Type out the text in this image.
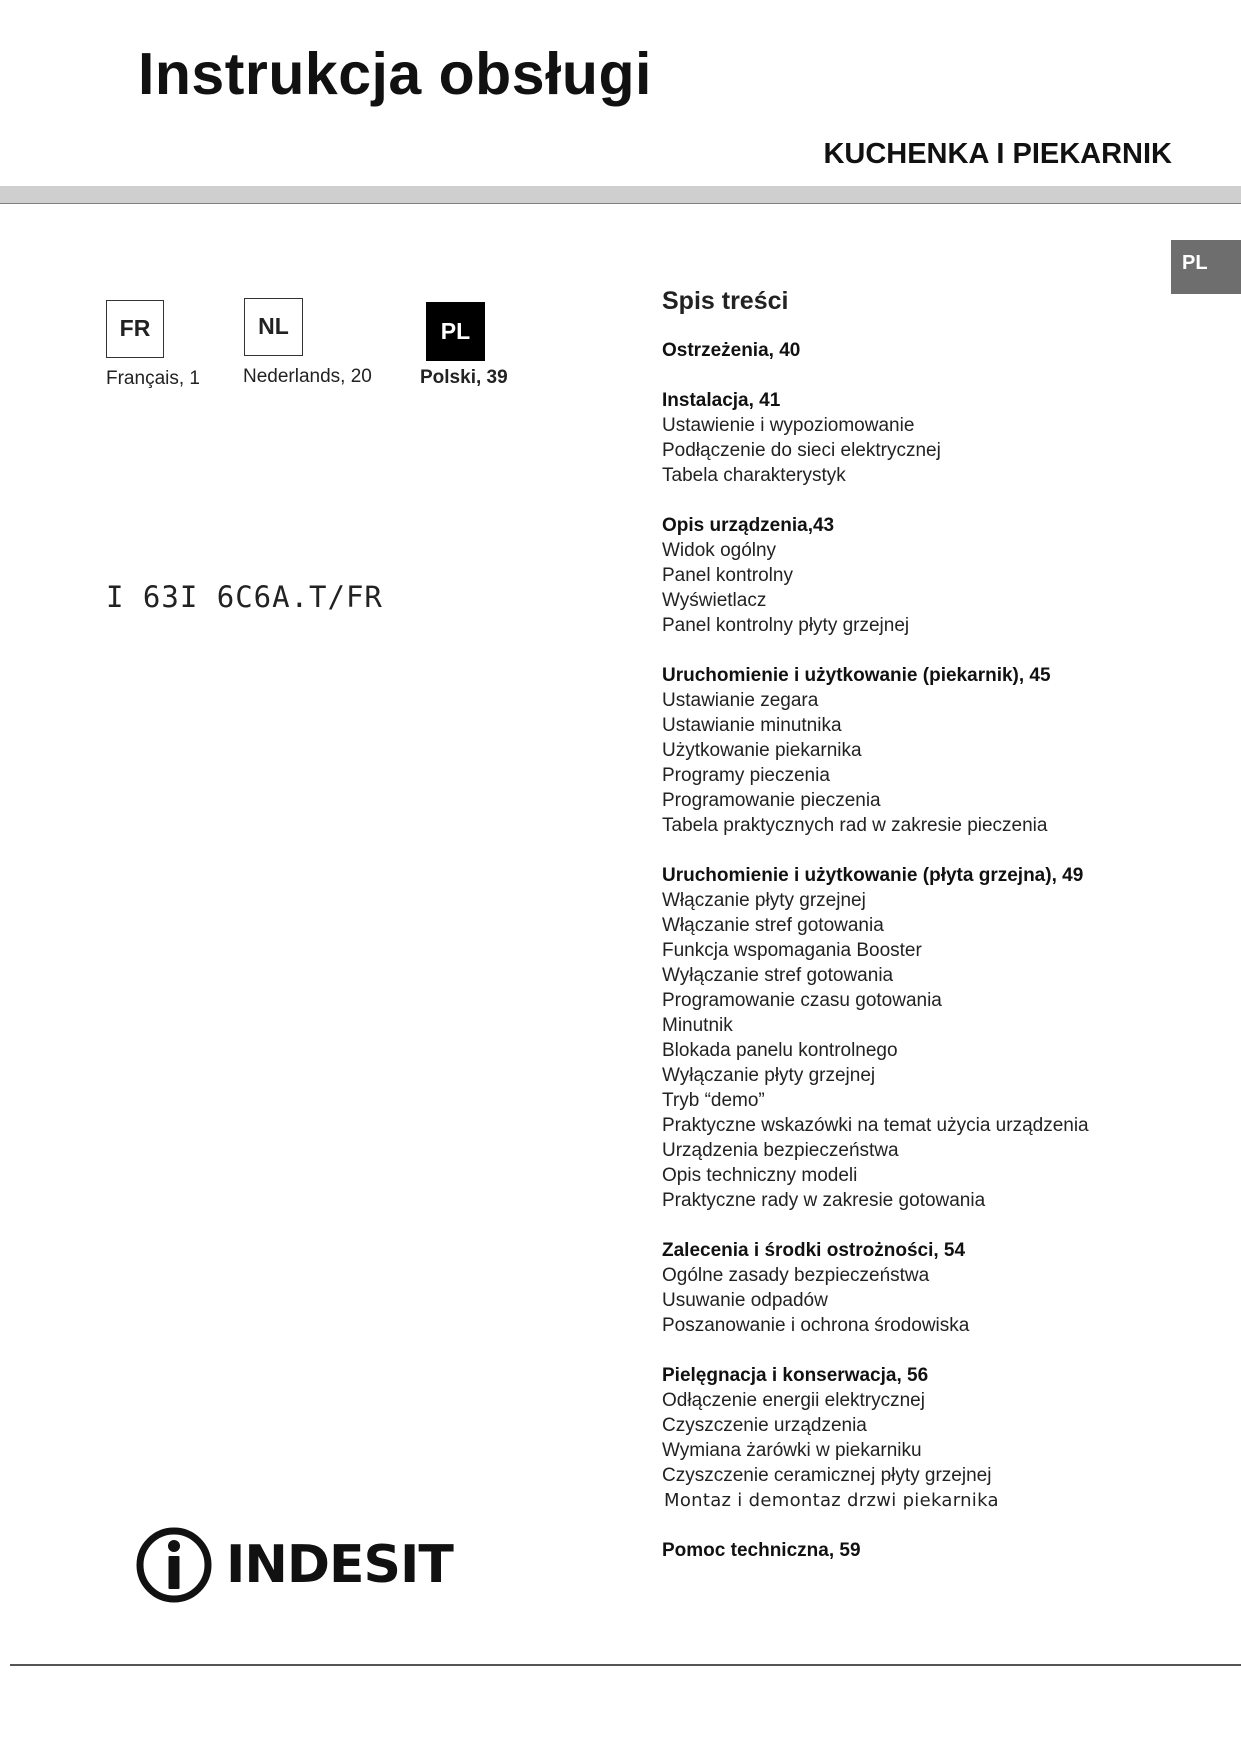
Instrukcja obsługi
KUCHENKA I PIEKARNIK
PL
FR
Français, 1
NL
Nederlands, 20
PL
Polski, 39
I 63I 6C6A.T/FR
INDESIT
Spis treści
Ostrzeżenia, 40
Instalacja, 41
Ustawienie i wypoziomowanie
Podłączenie do sieci elektrycznej
Tabela charakterystyk
Opis urządzenia,43
Widok ogólny
Panel kontrolny
Wyświetlacz
Panel kontrolny płyty grzejnej
Uruchomienie i użytkowanie (piekarnik), 45
Ustawianie zegara
Ustawianie minutnika
Użytkowanie piekarnika
Programy pieczenia
Programowanie pieczenia
Tabela praktycznych rad w zakresie pieczenia
Uruchomienie i użytkowanie (płyta grzejna), 49
Włączanie płyty grzejnej
Włączanie stref gotowania
Funkcja wspomagania Booster
Wyłączanie stref gotowania
Programowanie czasu gotowania
Minutnik
Blokada panelu kontrolnego
Wyłączanie płyty grzejnej
Tryb “demo”
Praktyczne wskazówki na temat użycia urządzenia
Urządzenia bezpieczeństwa
Opis techniczny modeli
Praktyczne rady w zakresie gotowania
Zalecenia i środki ostrożności, 54
Ogólne zasady bezpieczeństwa
Usuwanie odpadów
Poszanowanie i ochrona środowiska
Pielęgnacja i konserwacja, 56
Odłączenie energii elektrycznej
Czyszczenie urządzenia
Wymiana żarówki w piekarniku
Czyszczenie ceramicznej płyty grzejnej
Montaz i demontaz drzwi piekarnika
Pomoc techniczna, 59
